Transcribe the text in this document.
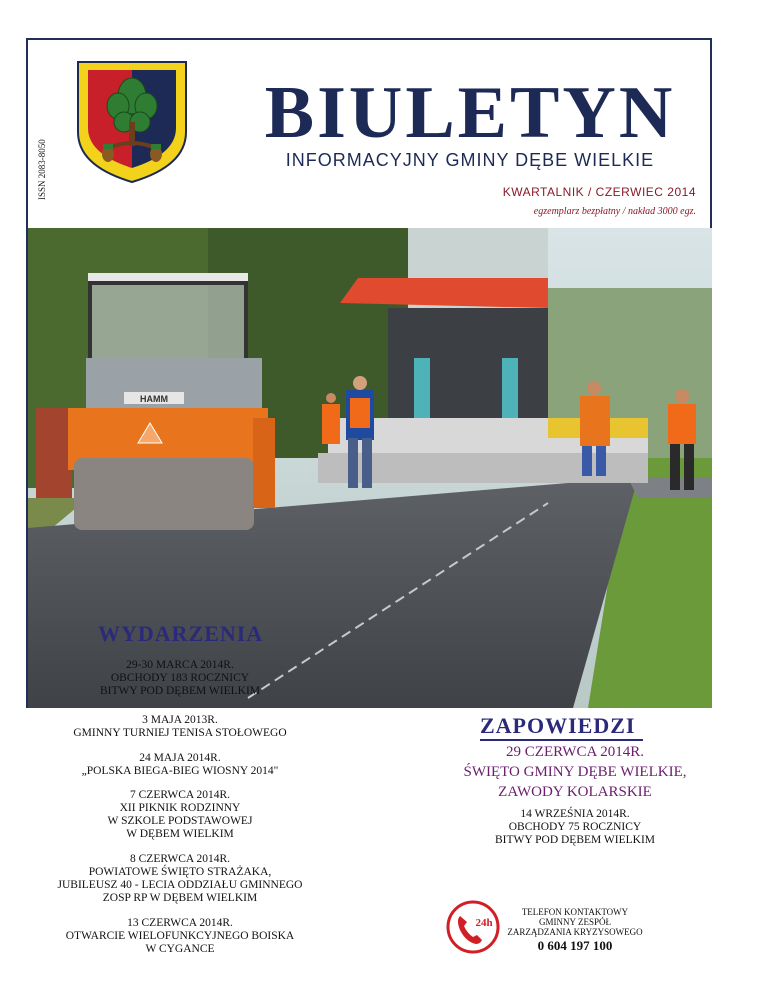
ISSN 2083-8050
BIULETYN
INFORMACYJNY GMINY DĘBE WIELKIE
KWARTALNIK / CZERWIEC 2014
egzemplarz bezpłatny / nakład 3000 egz.
HAMM
WYDARZENIA
29-30 MARCA 2014R.
OBCHODY 183 ROCZNICY
BITWY POD DĘBEM WIELKIM
3 MAJA 2013R.
GMINNY TURNIEJ TENISA STOŁOWEGO
24 MAJA 2014R.
„POLSKA BIEGA-BIEG WIOSNY 2014"
7 CZERWCA 2014R.
XII PIKNIK RODZINNY
W SZKOLE PODSTAWOWEJ
W DĘBEM WIELKIM
8 CZERWCA 2014R.
POWIATOWE ŚWIĘTO STRAŻAKA,
JUBILEUSZ 40 - LECIA ODDZIAŁU GMINNEGO
ZOSP RP W DĘBEM WIELKIM
13 CZERWCA 2014R.
OTWARCIE WIELOFUNKCYJNEGO BOISKA
W CYGANCE
ZAPOWIEDZI
29 CZERWCA 2014R.
ŚWIĘTO GMINY DĘBE WIELKIE,
ZAWODY KOLARSKIE
14 WRZEŚNIA 2014R.
OBCHODY 75 ROCZNICY
BITWY POD DĘBEM WIELKIM
24h
TELEFON KONTAKTOWY
GMINNY ZESPÓŁ
ZARZĄDZANIA KRYZYSOWEGO
0 604 197 100
